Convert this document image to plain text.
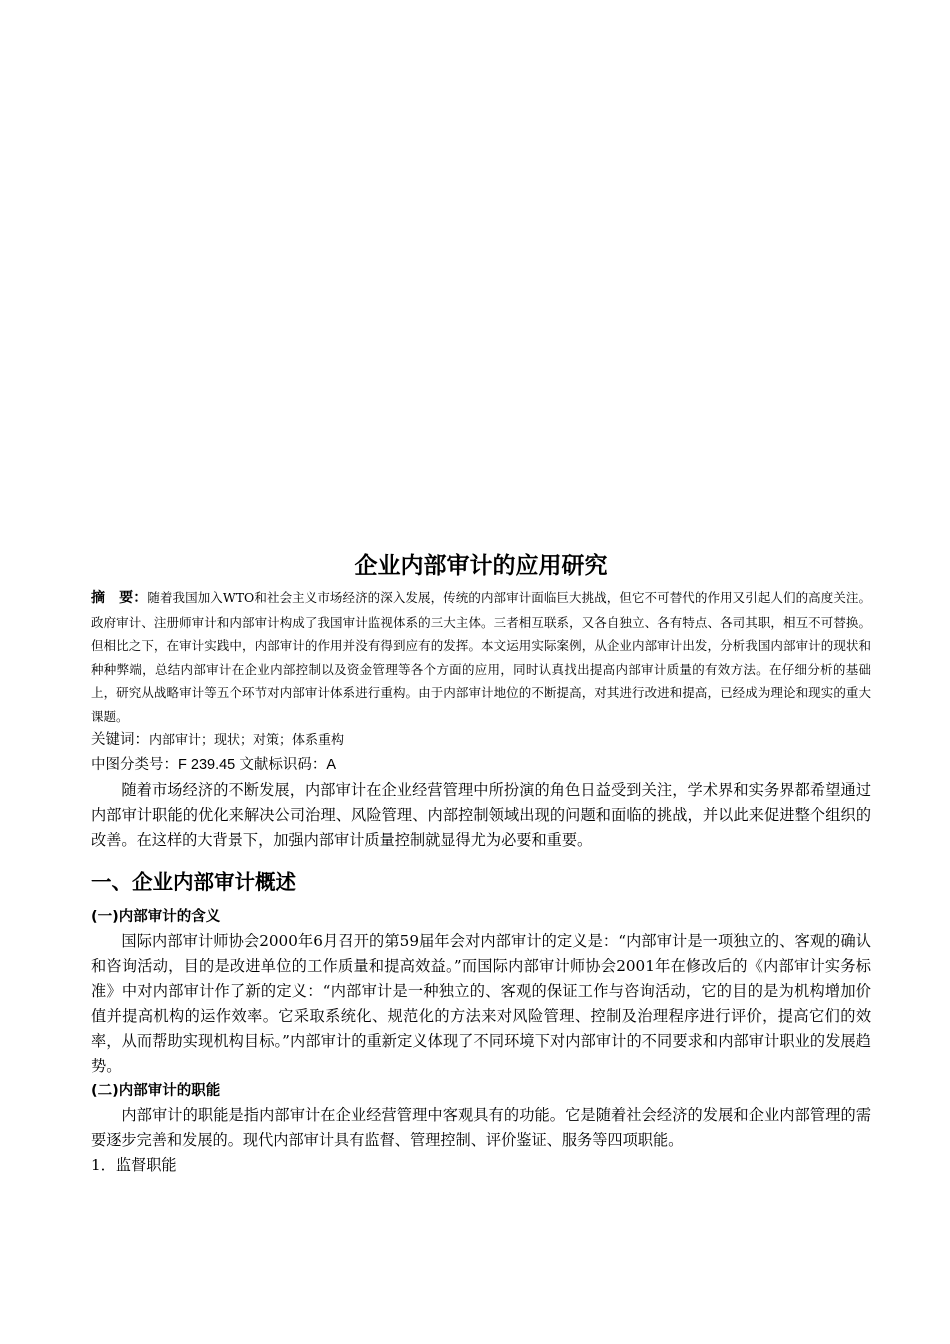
企业内部审计的应用研究

摘 要：随着我国加入WTO和社会主义市场经济的深入发展，传统的内部审计面临巨大挑战，但它不可替代的作用又引起人们的高度关注。政府审计、注册师审计和内部审计构成了我国审计监视体系的三大主体。三者相互联系，又各自独立、各有特点、各司其职，相互不可替换。但相比之下，在审计实践中，内部审计的作用并没有得到应有的发挥。本文运用实际案例，从企业内部审计出发，分析我国内部审计的现状和种种弊端，总结内部审计在企业内部控制以及资金管理等各个方面的应用，同时认真找出提高内部审计质量的有效方法。在仔细分析的基础上，研究从战略审计等五个环节对内部审计体系进行重构。由于内部审计地位的不断提高，对其进行改进和提高，已经成为理论和现实的重大课题。

关键词：内部审计；现状；对策；体系重构

中图分类号：F 239.45 文献标识码：A

随着市场经济的不断发展，内部审计在企业经营管理中所扮演的角色日益受到关注，学术界和实务界都希望通过内部审计职能的优化来解决公司治理、风险管理、内部控制领域出现的问题和面临的挑战，并以此来促进整个组织的改善。在这样的大背景下，加强内部审计质量控制就显得尤为必要和重要。

一、企业内部审计概述
(一)内部审计的含义

国际内部审计师协会2000年6月召开的第59届年会对内部审计的定义是：“内部审计是一项独立的、客观的确认和咨询活动，目的是改进单位的工作质量和提高效益。”而国际内部审计师协会2001年在修改后的《内部审计实务标准》中对内部审计作了新的定义：“内部审计是一种独立的、客观的保证工作与咨询活动，它的目的是为机构增加价值并提高机构的运作效率。它采取系统化、规范化的方法来对风险管理、控制及治理程序进行评价，提高它们的效率，从而帮助实现机构目标。”内部审计的重新定义体现了不同环境下对内部审计的不同要求和内部审计职业的发展趋势。

(二)内部审计的职能

内部审计的职能是指内部审计在企业经营管理中客观具有的功能。它是随着社会经济的发展和企业内部管理的需要逐步完善和发展的。现代内部审计具有监督、管理控制、评价鉴证、服务等四项职能。

1．监督职能
